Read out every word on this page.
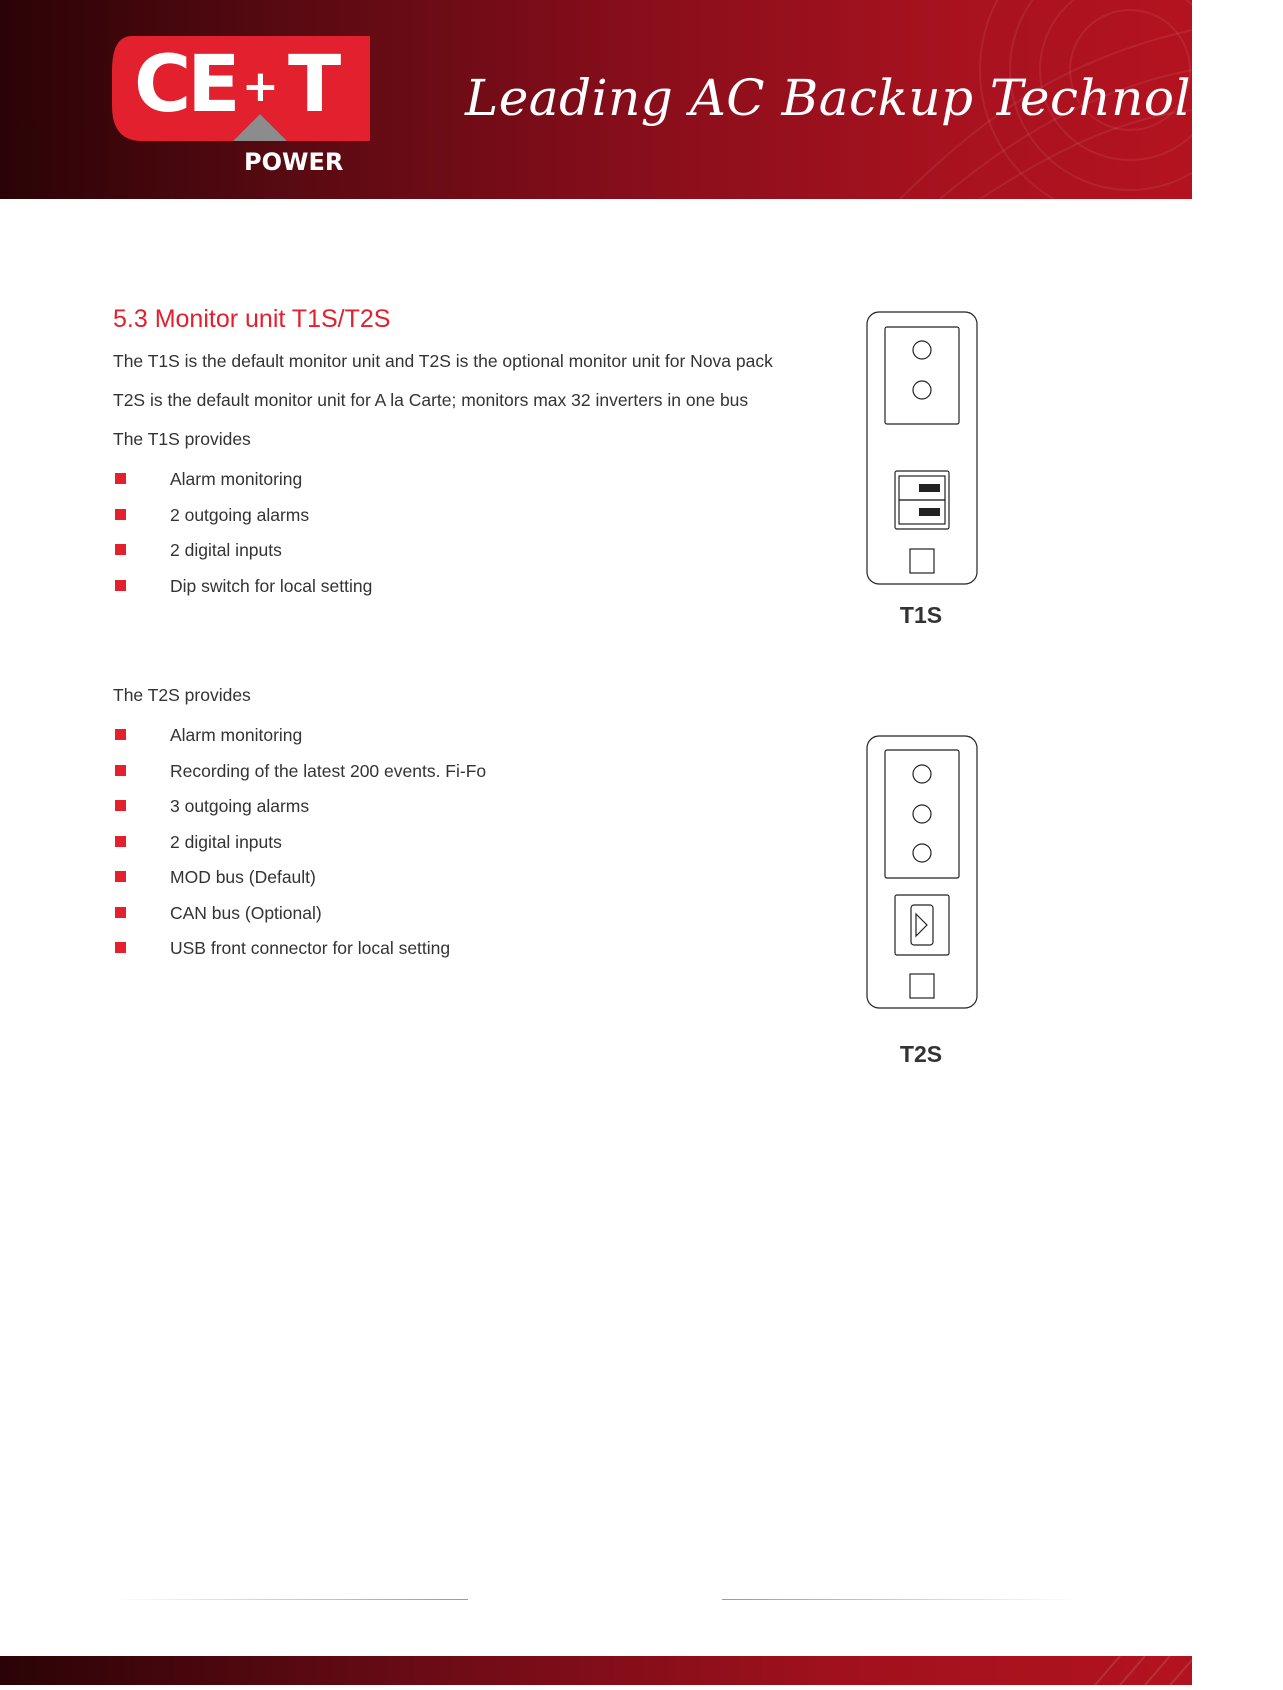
CE + T
POWER
Leading AC Backup Technology
5.3 Monitor unit T1S/T2S

The T1S is the default monitor unit and T2S is the optional monitor unit for Nova pack

T2S is the default monitor unit for A la Carte; monitors max 32 inverters in one bus

The T1S provides

Alarm monitoring
2 outgoing alarms
2 digital inputs
Dip switch for local setting

The T2S provides

Alarm monitoring
Recording of the latest 200 events. Fi-Fo
3 outgoing alarms
2 digital inputs
MOD bus (Default)
CAN bus (Optional)
USB front connector for local setting
T1S
T2S
